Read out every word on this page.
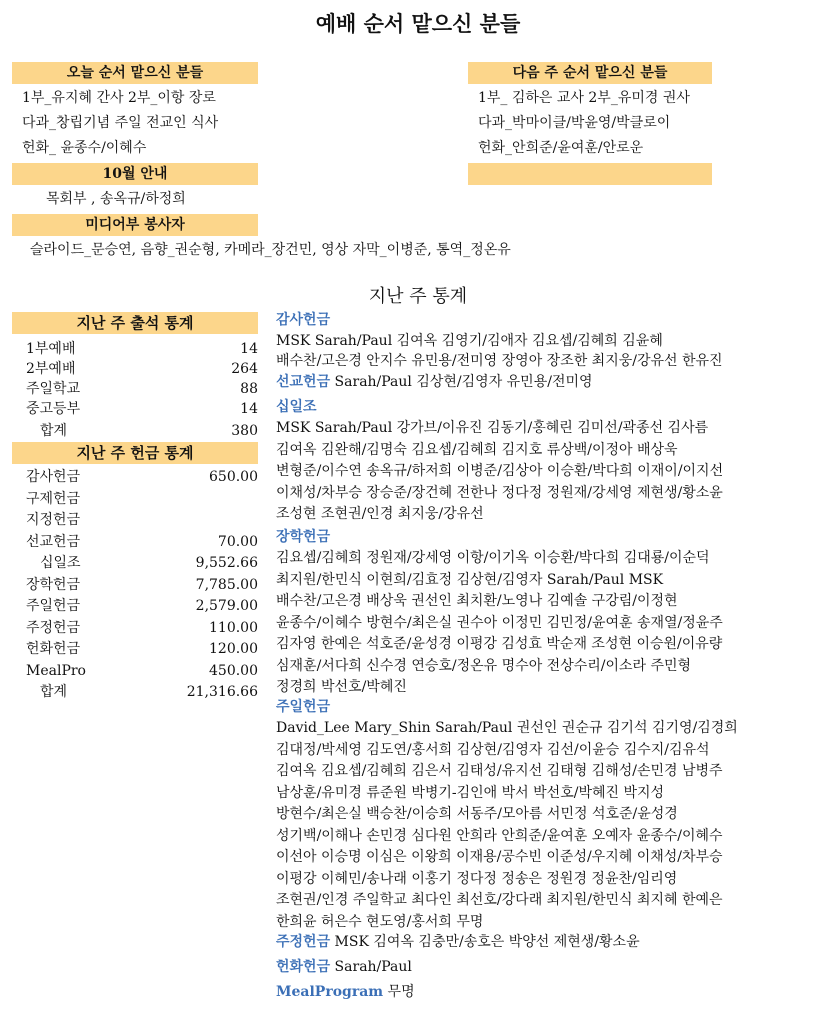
예배 순서 맡으신 분들
오늘 순서 맡으신 분들
1부_유지혜 간사 2부_이항 장로
다과_창립기념 주일 전교인 식사
헌화_ 윤종수/이혜수
다음 주 순서 맡으신 분들
1부_ 김하은 교사 2부_유미경 권사
다과_박마이클/박윤영/박클로이
헌화_안희준/윤여훈/안로운
10월 안내
목회부 , 송옥규/하정희
미디어부 봉사자
슬라이드_문승연, 음향_권순형, 카메라_장건민, 영상 자막_이병준, 통역_정온유
지난 주 통계
지난 주 출석 통계
1부예배	14
2부예배	264
주일학교	88
중고등부	14
합계	380
지난 주 헌금 통계
감사헌금	650.00
구제헌금
지정헌금
선교헌금	70.00
십일조	9,552.66
장학헌금	7,785.00
주일헌금	2,579.00
주정헌금	110.00
헌화헌금	120.00
MealPro	450.00
합계	21,316.66
감사헌금
MSK Sarah/Paul 김여옥 김영기/김애자 김요셉/김혜희 김윤혜
배수찬/고은경 안지수 유민용/전미영 장영아 장조한 최지웅/강유선 한유진
선교헌금 Sarah/Paul 김상현/김영자 유민용/전미영
십일조
MSK Sarah/Paul 강가브/이유진 김동기/홍혜린 김미선/곽종선 김사름
김여옥 김완해/김명숙 김요셉/김혜희 김지호 류상백/이정아 배상욱
변형준/이수연 송옥규/하저희 이병준/김상아 이승환/박다희 이재이/이지선
이채성/차부승 장승준/장건혜 전한나 정다정 정원재/강세영 제현생/황소윤
조성현 조현권/인경 최지웅/강유선
장학헌금
김요셉/김혜희 정원재/강세영 이항/이기옥 이승환/박다희 김대룡/이순덕
최지원/한민식 이현희/김효정 김상현/김영자 Sarah/Paul MSK
배수찬/고은경 배상욱 권선인 최치환/노영나 김예솔 구강림/이정현
윤종수/이혜수 방현수/최은실 권수아 이정민 김민정/윤여훈 송재열/정윤주
김자영 한예은 석호준/윤성경 이평강 김성효 박순재 조성현 이승원/이유량
심재훈/서다희 신수경 연승호/정온유 명수아 전상수리/이소라 주민형
정경희 박선호/박혜진
주일헌금
David_Lee Mary_Shin Sarah/Paul 권선인 권순규 김기석 김기영/김경희
김대정/박세영 김도연/홍서희 김상현/김영자 김선/이윤승 김수지/김유석
김여옥 김요셉/김혜희 김은서 김태성/유지선 김태형 김해성/손민경 남병주
남상훈/유미경 류준원 박병기-김인애 박서 박선호/박혜진 박지성
방현수/최은실 백승찬/이승희 서동주/모아름 서민정 석호준/윤성경
성기백/이해나 손민경 심다원 안희라 안희준/윤여훈 오예자 윤종수/이혜수
이선아 이승명 이심은 이왕희 이재용/공수빈 이준성/우지혜 이채성/차부승
이평강 이혜민/송나래 이홍기 정다정 정송은 정원경 정윤찬/임리영
조현권/인경 주일학교 최다인 최선호/강다래 최지원/한민식 최지혜 한예은
한희윤 허은수 현도영/홍서희 무명
주정헌금 MSK 김여옥 김충만/송호은 박양선 제현생/황소윤
헌화헌금 Sarah/Paul
MealProgram 무명
